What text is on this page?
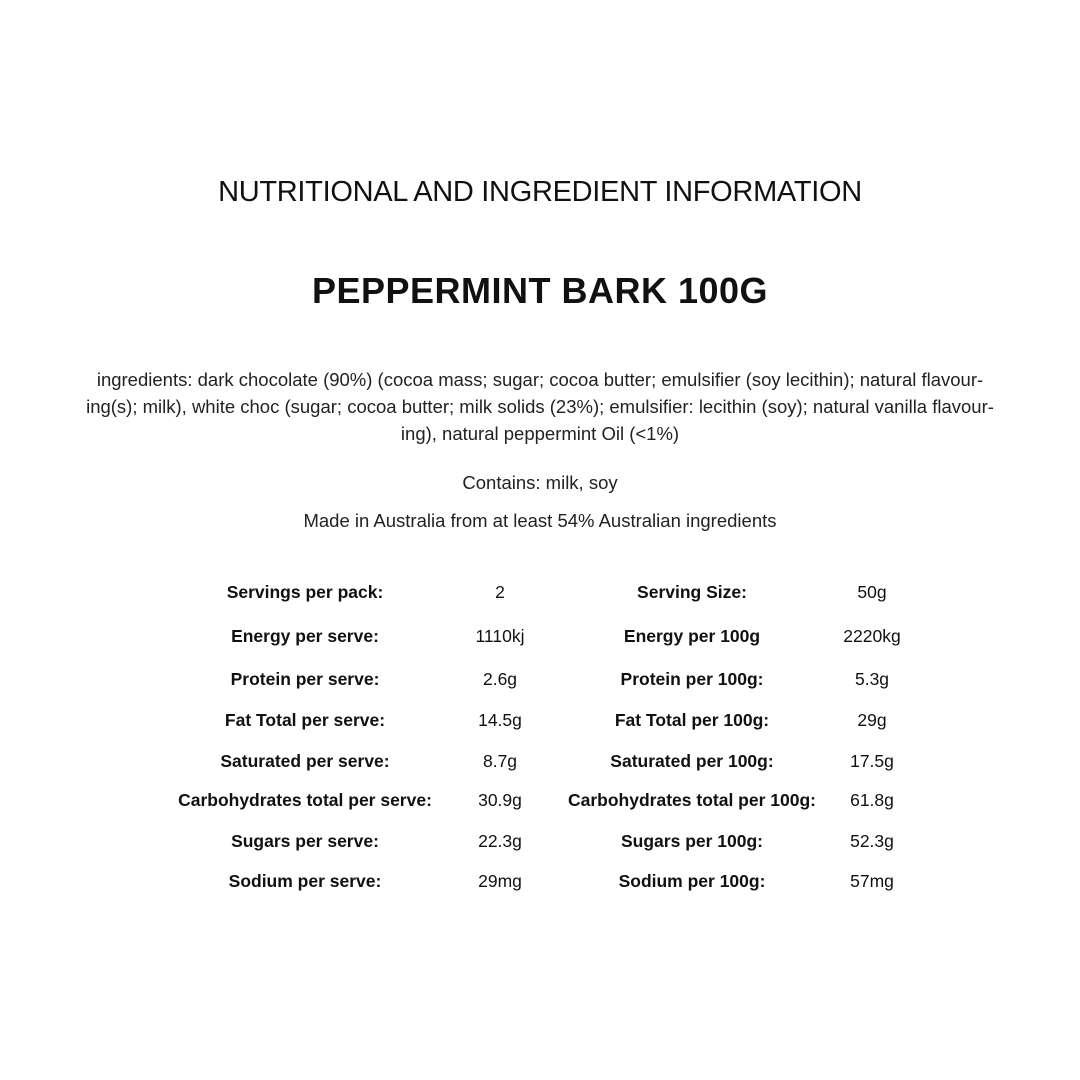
NUTRITIONAL AND INGREDIENT INFORMATION
PEPPERMINT BARK 100G
ingredients: dark chocolate (90%) (cocoa mass; sugar; cocoa butter; emulsifier (soy lecithin); natural flavour-
ing(s); milk), white choc (sugar; cocoa butter; milk solids (23%); emulsifier: lecithin (soy); natural vanilla flavour-
ing), natural peppermint Oil (<1%)
Contains: milk, soy
Made in Australia from at least 54% Australian ingredients
Servings per pack:	2	Serving Size:	50g
Energy per serve:	1110kj	Energy per 100g	2220kg
Protein per serve:	2.6g	Protein per 100g:	5.3g
Fat Total per serve:	14.5g	Fat Total per 100g:	29g
Saturated per serve:	8.7g	Saturated per 100g:	17.5g
Carbohydrates total per serve:	30.9g	Carbohydrates total per 100g:	61.8g
Sugars per serve:	22.3g	Sugars per 100g:	52.3g
Sodium per serve:	29mg	Sodium per 100g:	57mg
